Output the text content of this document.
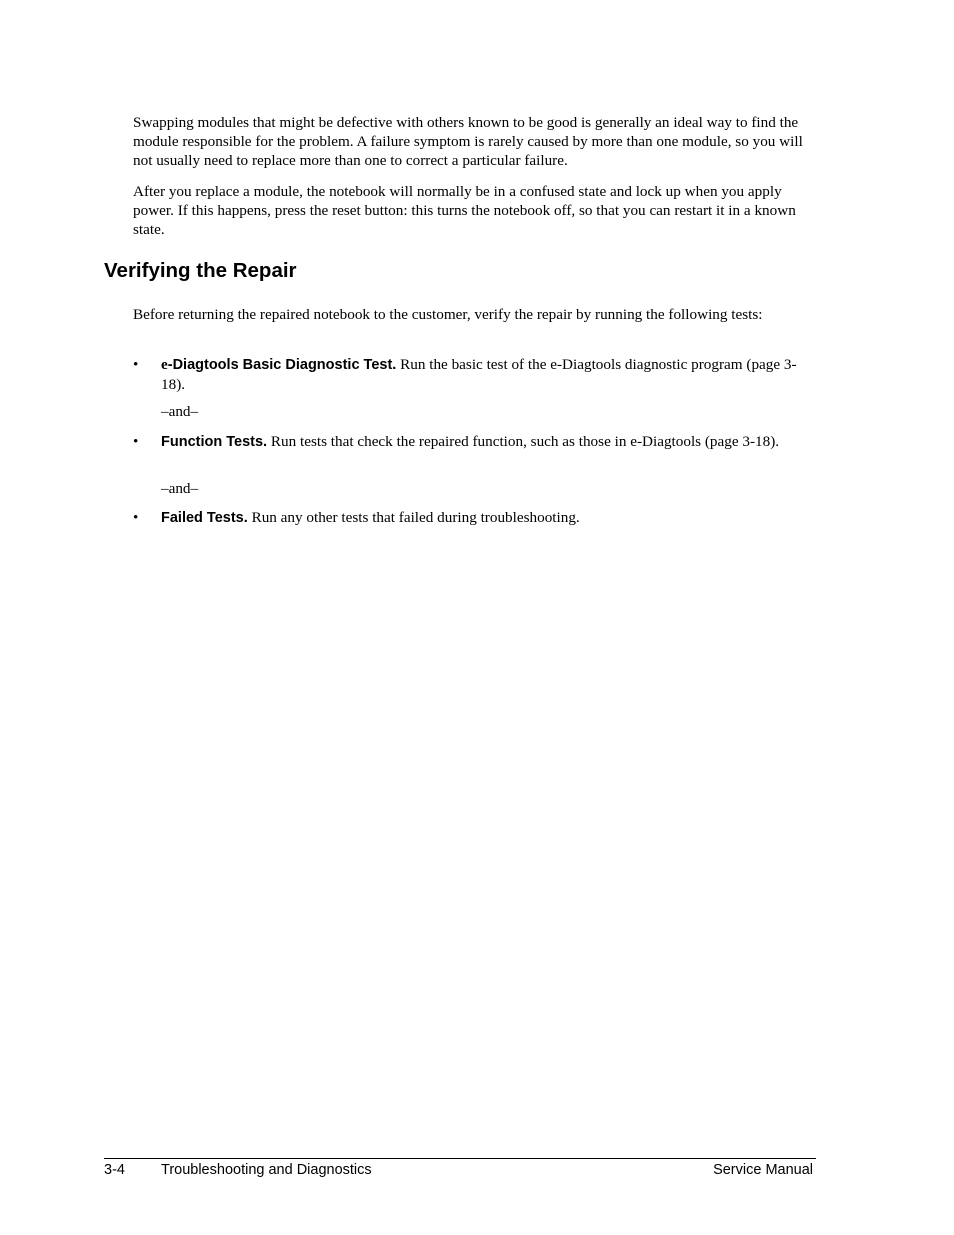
Swapping modules that might be defective with others known to be good is generally an ideal way to find the module responsible for the problem. A failure symptom is rarely caused by more than one module, so you will not usually need to replace more than one to correct a particular failure.

After you replace a module, the notebook will normally be in a confused state and lock up when you apply power. If this happens, press the reset button: this turns the notebook off, so that you can restart it in a known state.

Verifying the Repair

Before returning the repaired notebook to the customer, verify the repair by running the following tests:

•	e-Diagtools Basic Diagnostic Test. Run the basic test of the e-Diagtools diagnostic program (page 3-18).
–and–
•	Function Tests. Run tests that check the repaired function, such as those in e-Diagtools (page 3-18).
–and–
•	Failed Tests. Run any other tests that failed during troubleshooting.
3-4 Troubleshooting and Diagnostics	Service Manual
